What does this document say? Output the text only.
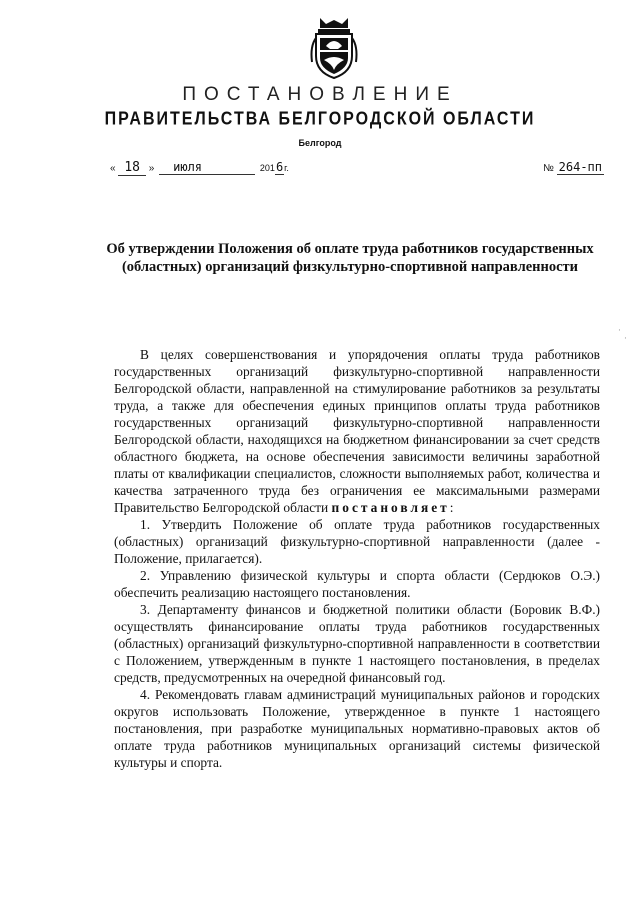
ПОСТАНОВЛЕНИЕ
ПРАВИТЕЛЬСТВА БЕЛГОРОДСКОЙ ОБЛАСТИ
Белгород
« 18 » июля	2016г.	№ 264-пп
Об утверждении Положения об оплате труда работников государственных (областных) организаций физкультурно-спортивной направленности

В целях совершенствования и упорядочения оплаты труда работников государственных организаций физкультурно-спортивной направленности Белгородской области, направленной на стимулирование работников за результаты труда, а также для обеспечения единых принципов оплаты труда работников государственных организаций физкультурно-спортивной направленности Белгородской области, находящихся на бюджетном финансировании за счет средств областного бюджета, на основе обеспечения зависимости величины заработной платы от квалификации специалистов, сложности выполняемых работ, количества и качества затраченного труда без ограничения ее максимальными размерами Правительство Белгородской области постановляет:

1. Утвердить Положение об оплате труда работников государственных (областных) организаций физкультурно-спортивной направленности (далее - Положение, прилагается).

2. Управлению физической культуры и спорта области (Сердюков О.Э.) обеспечить реализацию настоящего постановления.

3. Департаменту финансов и бюджетной политики области (Боровик В.Ф.) осуществлять финансирование оплаты труда работников государственных (областных) организаций физкультурно-спортивной направленности в соответствии с Положением, утвержденным в пункте 1 настоящего постановления, в пределах средств, предусмотренных на очередной финансовый год.

4. Рекомендовать главам администраций муниципальных районов и городских округов использовать Положение, утвержденное в пункте 1 настоящего постановления, при разработке муниципальных нормативно-правовых актов об оплате труда работников муниципальных организаций системы физической культуры и спорта.

·
·
